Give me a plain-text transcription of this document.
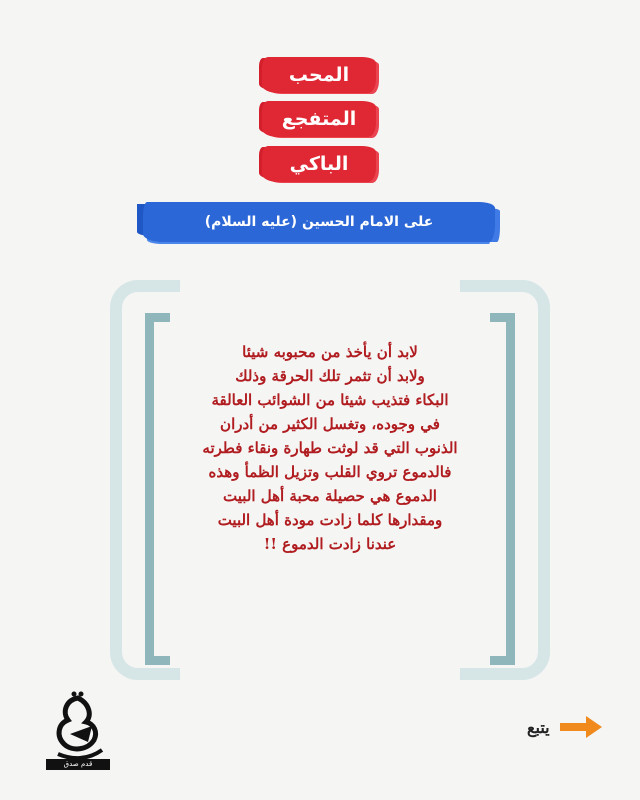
المحب
المتفجع
الباكي
على الامام الحسين (عليه السلام)
لابد أن يأخذ من محبوبه شيئا
ولابد أن تثمر تلك الحرقة وذلك
البكاء فتذيب شيئا من الشوائب العالقة
في وجوده، وتغسل الكثير من أدران
الذنوب التي قد لوثت طهارة ونقاء فطرته
فالدموع تروي القلب وتزيل الظمأ وهذه
الدموع هي حصيلة محبة أهل البيت
ومقدارها كلما زادت مودة أهل البيت
عندنا زادت الدموع !!
قدم صدق
يتبع
